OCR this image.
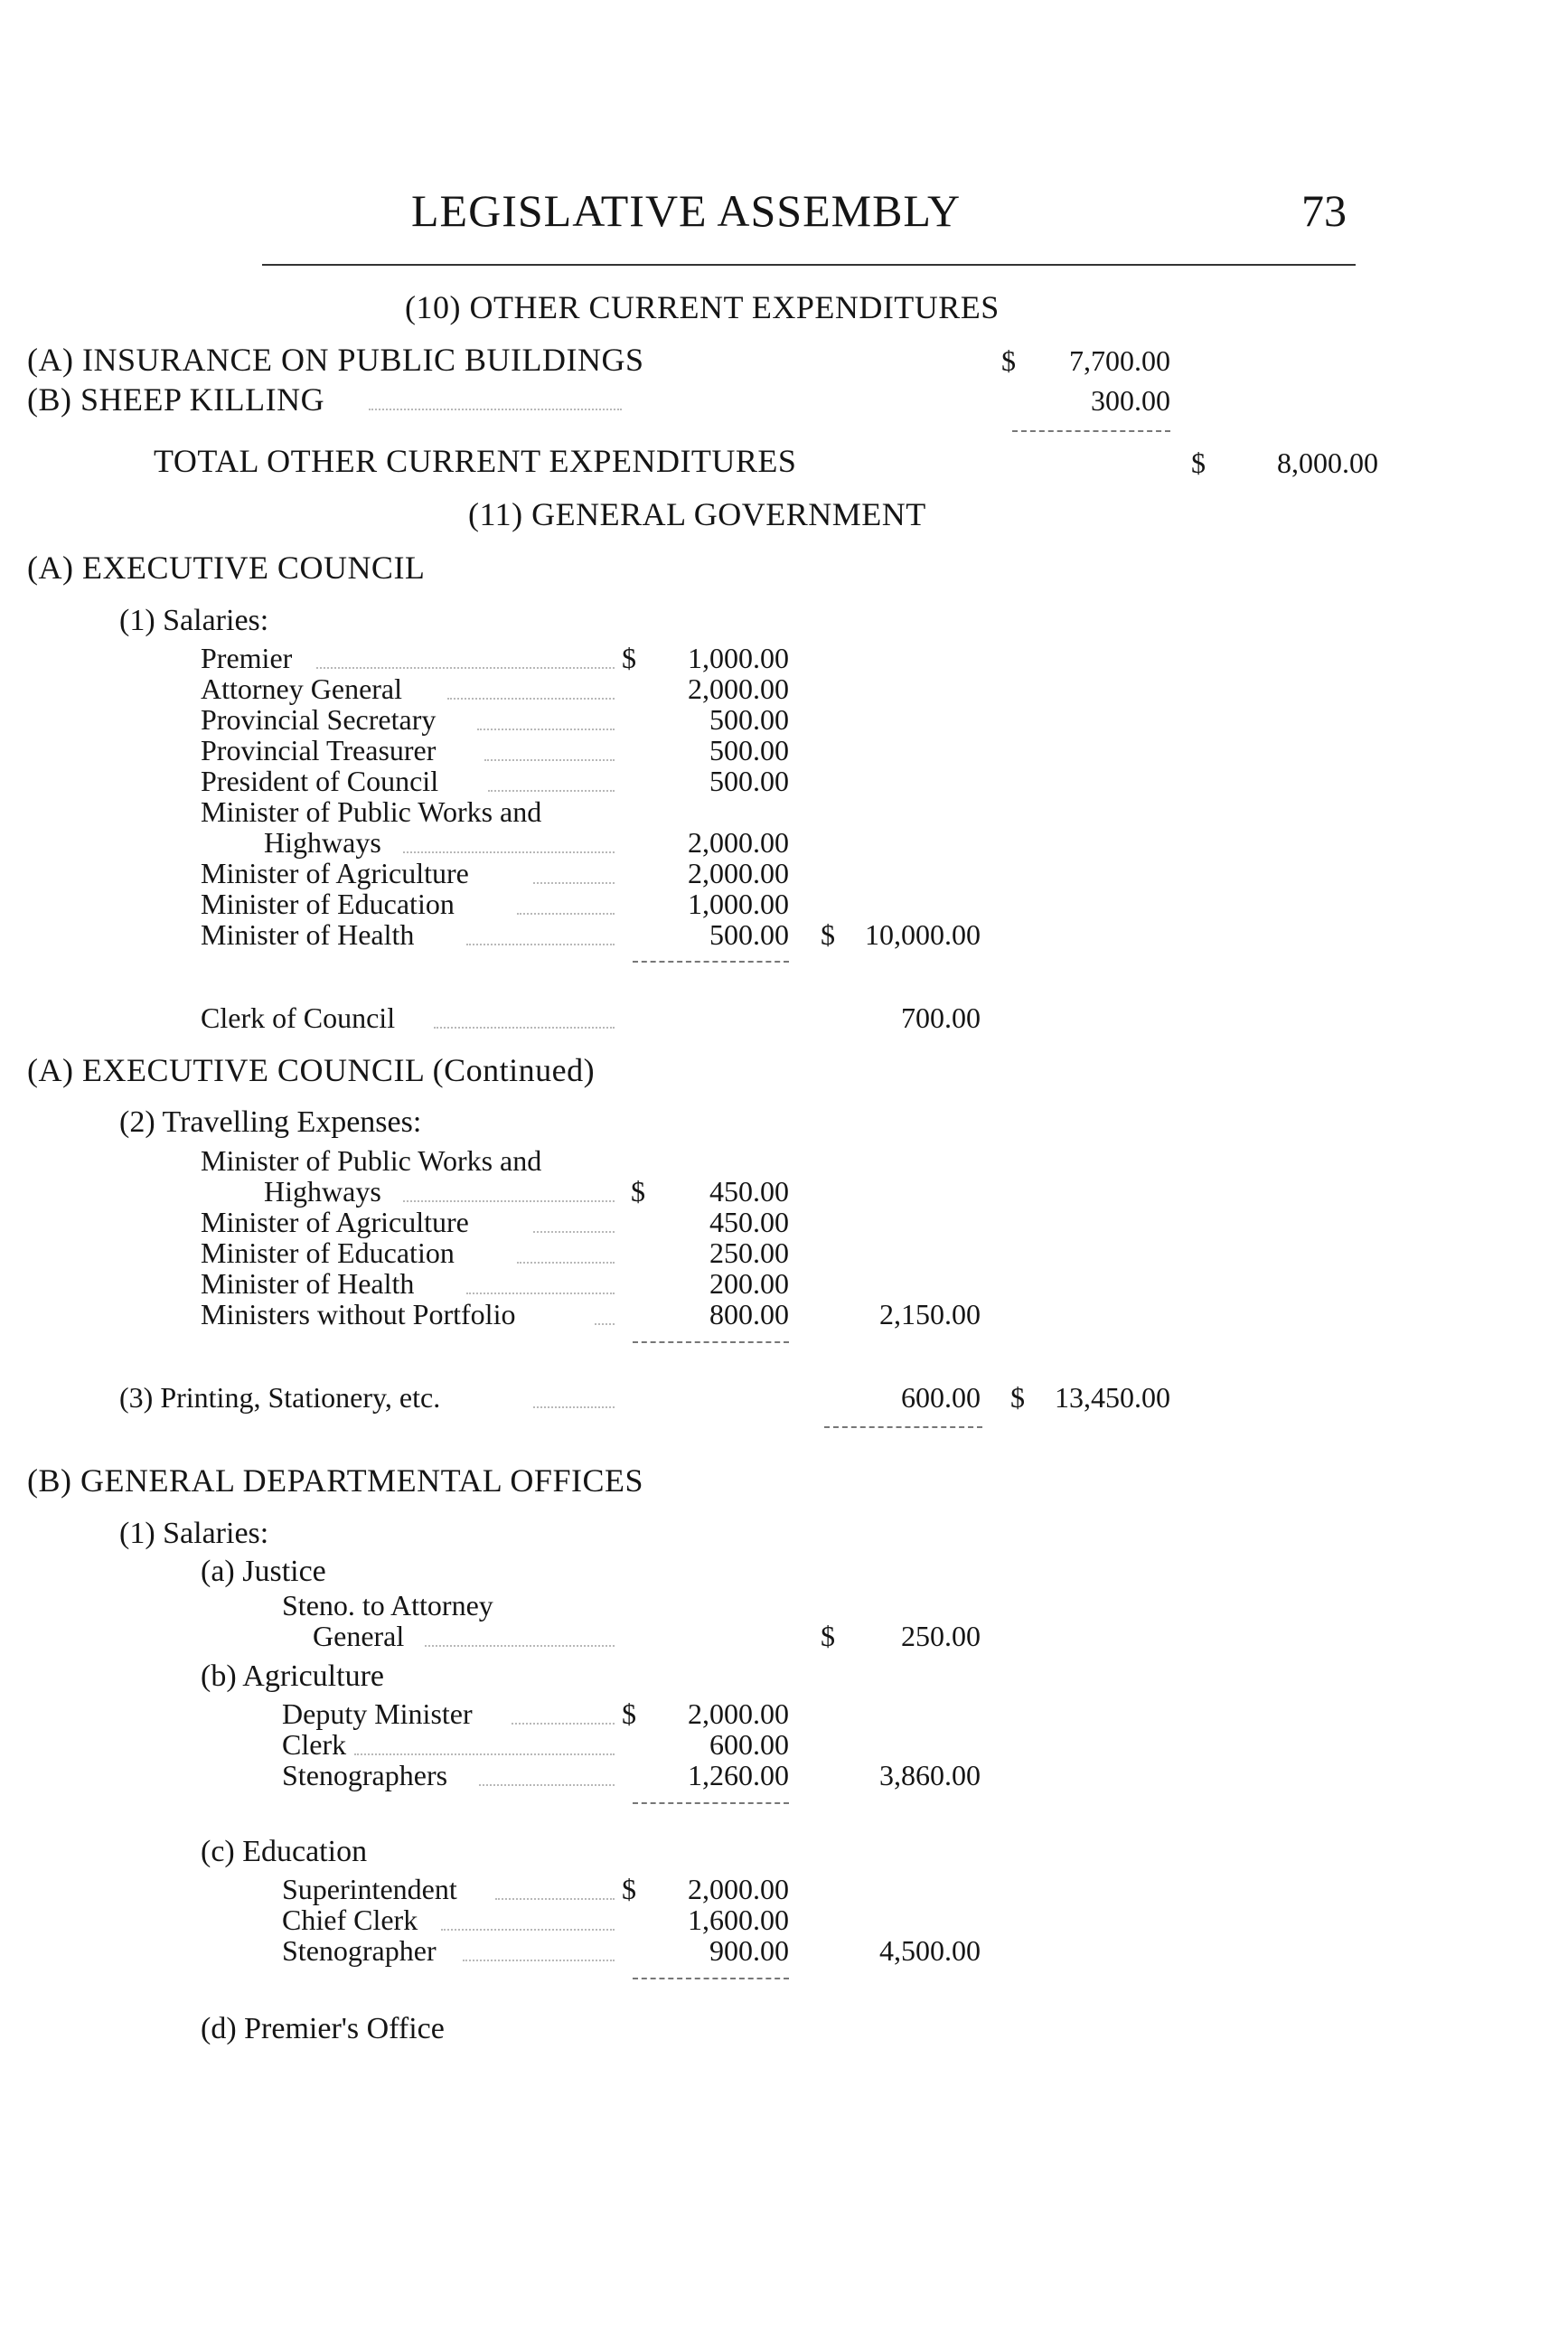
LEGISLATIVE ASSEMBLY	73
(10) OTHER CURRENT EXPENDITURES
(A) INSURANCE ON PUBLIC BUILDINGS	$	7,700.00
(B) SHEEP KILLING	300.00
TOTAL OTHER CURRENT EXPENDITURES	$	8,000.00
(11) GENERAL GOVERNMENT
(A) EXECUTIVE COUNCIL
(1) Salaries:
Premier	$	1,000.00
Attorney General	2,000.00
Provincial Secretary	500.00
Provincial Treasurer	500.00
President of Council	500.00
Minister of Public Works and
Highways	2,000.00
Minister of Agriculture	2,000.00
Minister of Education	1,000.00
Minister of Health	500.00 $	10,000.00
Clerk of Council	700.00
(A) EXECUTIVE COUNCIL (Continued)
(2) Travelling Expenses:
Minister of Public Works and
Highways	$	450.00
Minister of Agriculture	450.00
Minister of Education	250.00
Minister of Health	200.00
Ministers without Portfolio	800.00	2,150.00
(3) Printing, Stationery, etc.	600.00 $	13,450.00
(B) GENERAL DEPARTMENTAL OFFICES
(1) Salaries:
(a) Justice
Steno. to Attorney
General	$	250.00
(b) Agriculture
Deputy Minister	$	2,000.00
Clerk	600.00
Stenographers	1,260.00	3,860.00
(c) Education
Superintendent	$	2,000.00
Chief Clerk	1,600.00
Stenographer	900.00	4,500.00
(d) Premier's Office
